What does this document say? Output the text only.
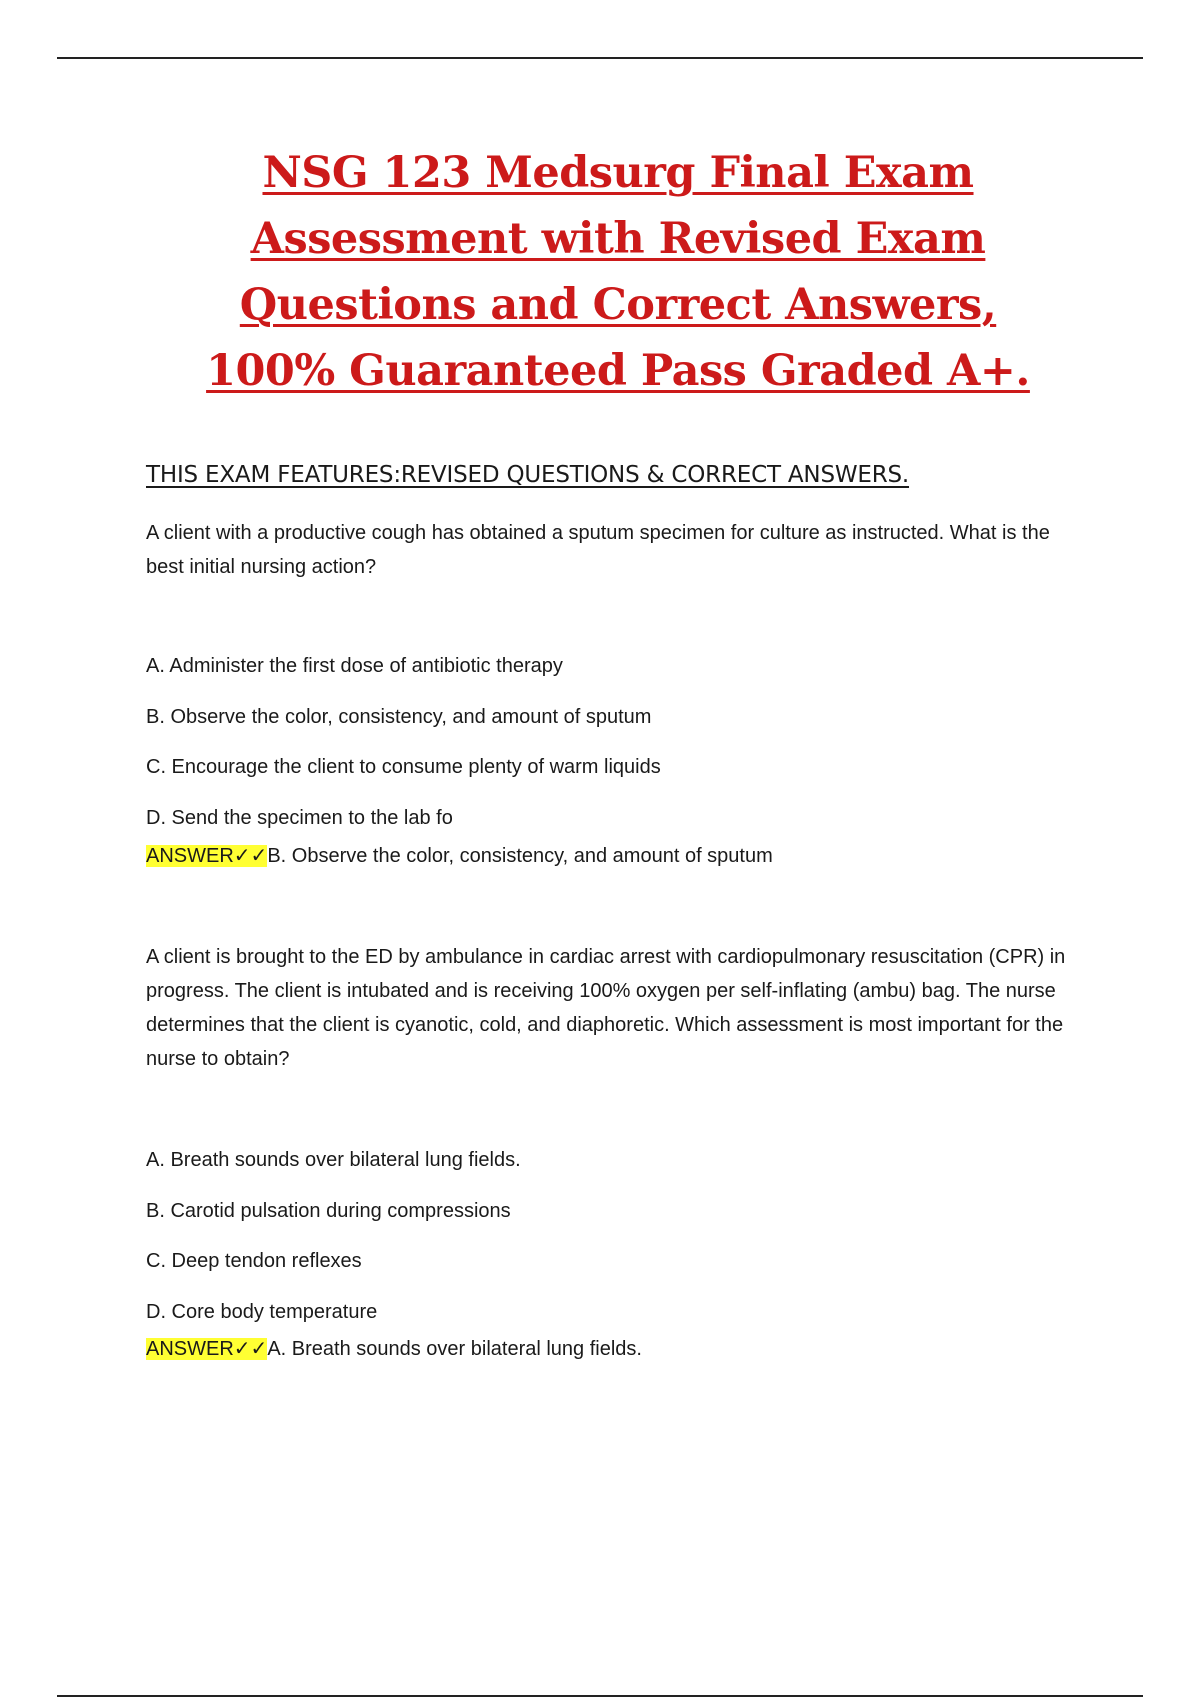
NSG 123 Medsurg Final Exam
Assessment with Revised Exam
Questions and Correct Answers,
100% Guaranteed Pass Graded A+.
THIS EXAM FEATURES:REVISED QUESTIONS & CORRECT ANSWERS.

A client with a productive cough has obtained a sputum specimen for culture as instructed. What is the best initial nursing action?

A. Administer the first dose of antibiotic therapy

B. Observe the color, consistency, and amount of sputum

C. Encourage the client to consume plenty of warm liquids

D. Send the specimen to the lab fo

ANSWER✓✓B. Observe the color, consistency, and amount of sputum

A client is brought to the ED by ambulance in cardiac arrest with cardiopulmonary resuscitation (CPR) in progress. The client is intubated and is receiving 100% oxygen per self-inflating (ambu) bag. The nurse determines that the client is cyanotic, cold, and diaphoretic. Which assessment is most important for the nurse to obtain?

A. Breath sounds over bilateral lung fields.

B. Carotid pulsation during compressions

C. Deep tendon reflexes

D. Core body temperature

ANSWER✓✓A. Breath sounds over bilateral lung fields.
